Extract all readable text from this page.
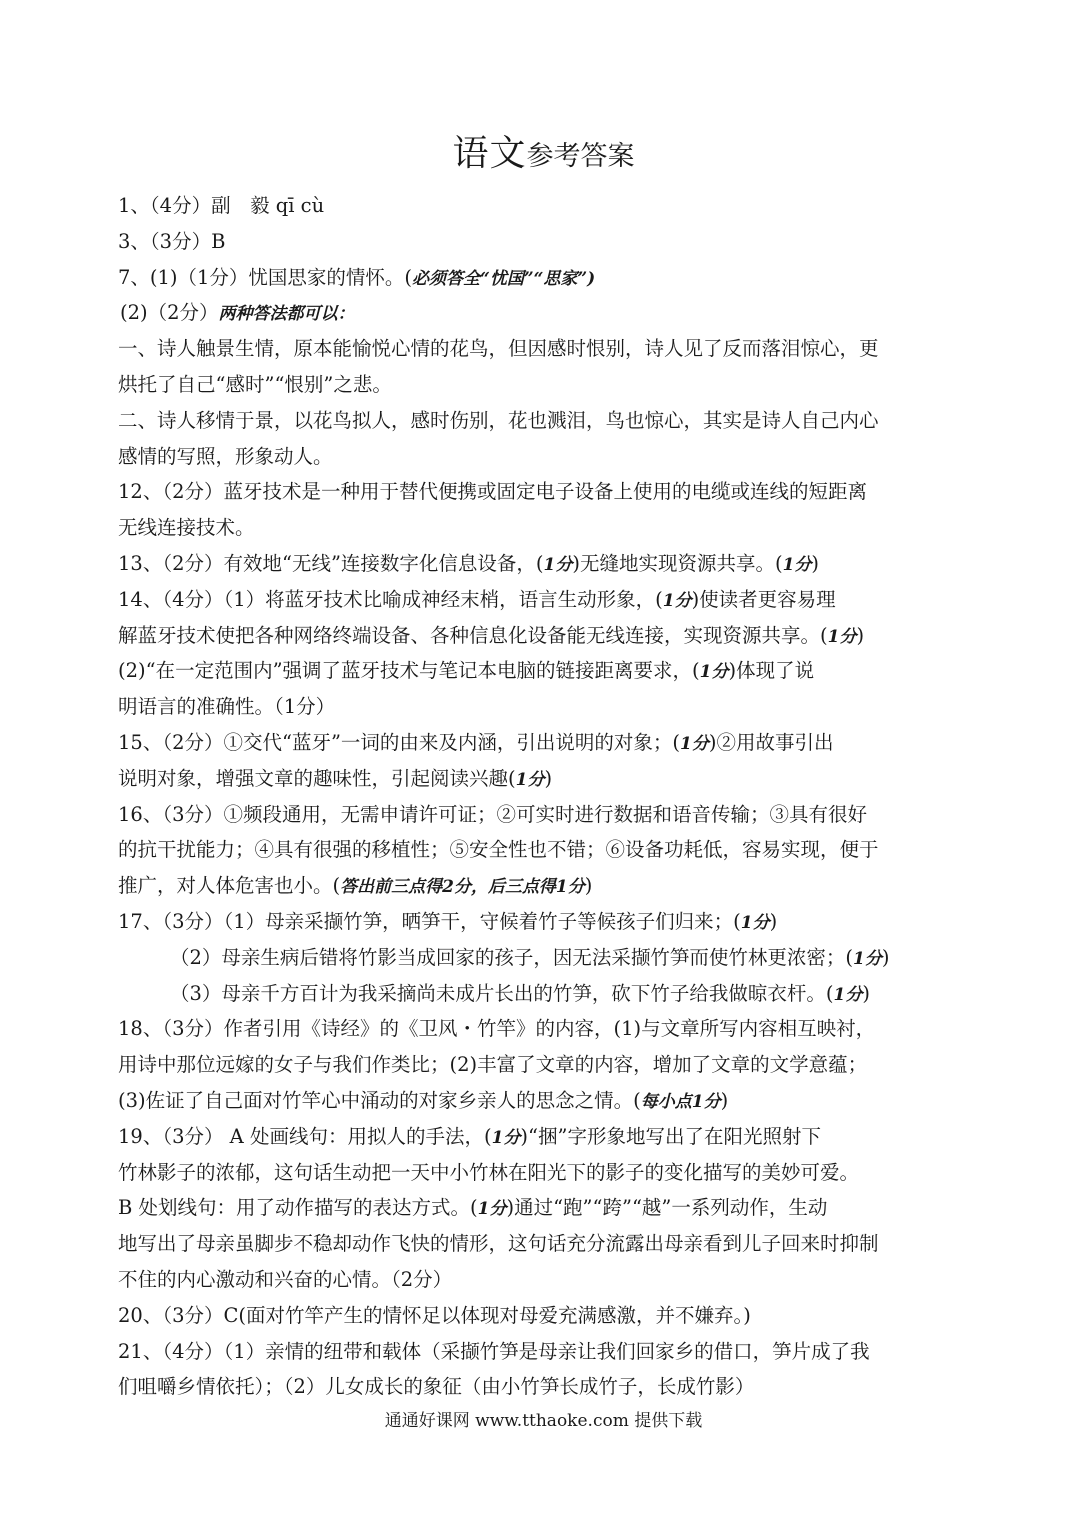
语文参考答案
1、（4分）副　毅 qī cù
3、（3分）B
7、(1)（1分）忧国思家的情怀。(必须答全“忧国”“思家”)
(2)（2分）两种答法都可以：
一、诗人触景生情，原本能愉悦心情的花鸟，但因感时恨别，诗人见了反而落泪惊心，更
烘托了自己“感时”“恨别”之悲。
二、诗人移情于景，以花鸟拟人，感时伤别，花也溅泪，鸟也惊心，其实是诗人自己内心
感情的写照，形象动人。
12、（2分）蓝牙技术是一种用于替代便携或固定电子设备上使用的电缆或连线的短距离
无线连接技术。
13、（2分）有效地“无线”连接数字化信息设备，(1分)无缝地实现资源共享。(1分)
14、（4分）（1）将蓝牙技术比喻成神经末梢，语言生动形象，(1分)使读者更容易理
解蓝牙技术使把各种网络终端设备、各种信息化设备能无线连接，实现资源共享。(1分)
(2)“在一定范围内”强调了蓝牙技术与笔记本电脑的链接距离要求，(1分)体现了说
明语言的准确性。（1分）
15、（2分）①交代“蓝牙”一词的由来及内涵，引出说明的对象；(1分)②用故事引出
说明对象，增强文章的趣味性，引起阅读兴趣(1分)
16、（3分）①频段通用，无需申请许可证；②可实时进行数据和语音传输；③具有很好
的抗干扰能力；④具有很强的移植性；⑤安全性也不错；⑥设备功耗低，容易实现，便于
推广，对人体危害也小。(答出前三点得2分，后三点得1分)
17、（3分）（1）母亲采撷竹笋，晒笋干，守候着竹子等候孩子们归来；(1分)
（2）母亲生病后错将竹影当成回家的孩子，因无法采撷竹笋而使竹林更浓密；(1分)
（3）母亲千方百计为我采摘尚未成片长出的竹笋，砍下竹子给我做晾衣杆。(1分)
18、（3分）作者引用《诗经》的《卫风・竹竿》的内容，(1)与文章所写内容相互映衬，
用诗中那位远嫁的女子与我们作类比；(2)丰富了文章的内容，增加了文章的文学意蕴；
(3)佐证了自己面对竹竿心中涌动的对家乡亲人的思念之情。(每小点1分)
19、（3分） A 处画线句：用拟人的手法，(1分)“捆”字形象地写出了在阳光照射下
竹林影子的浓郁，这句话生动把一天中小竹林在阳光下的影子的变化描写的美妙可爱。
B 处划线句：用了动作描写的表达方式。(1分)通过“跑”“跨”“越”一系列动作，生动
地写出了母亲虽脚步不稳却动作飞快的情形，这句话充分流露出母亲看到儿子回来时抑制
不住的内心激动和兴奋的心情。（2分）
20、（3分）C(面对竹竿产生的情怀足以体现对母爱充满感激，并不嫌弃。)
21、（4分）（1）亲情的纽带和载体（采撷竹笋是母亲让我们回家乡的借口，笋片成了我
们咀嚼乡情依托）；（2）儿女成长的象征（由小竹笋长成竹子，长成竹影）
通通好课网 www.tthaoke.com 提供下载
